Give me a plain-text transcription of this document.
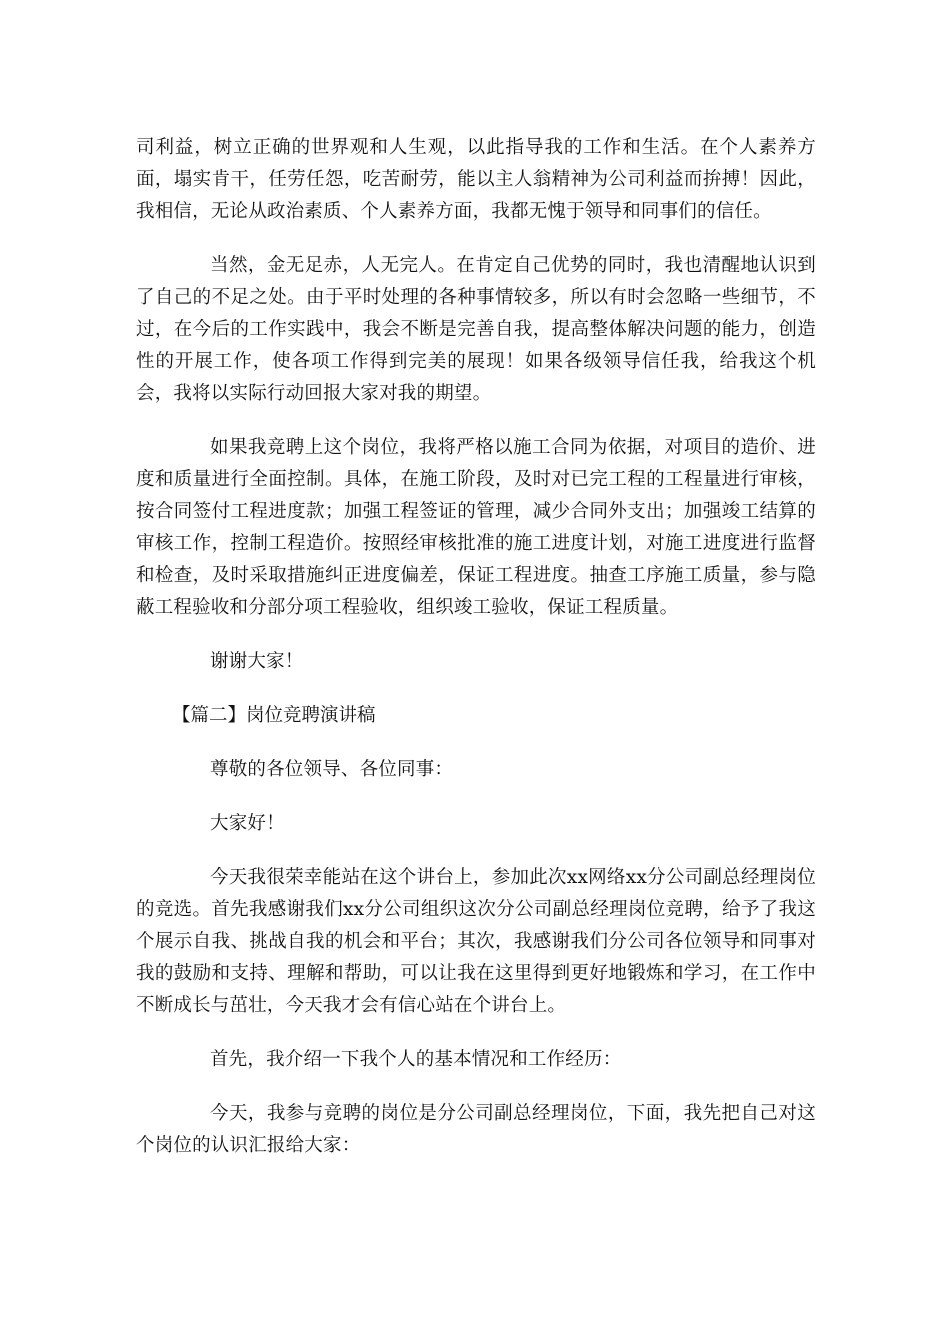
司利益，树立正确的世界观和人生观，以此指导我的工作和生活。在个人素养方面，塌实肯干，任劳任怨，吃苦耐劳，能以主人翁精神为公司利益而拚搏！因此，我相信，无论从政治素质、个人素养方面，我都无愧于领导和同事们的信任。

当然，金无足赤，人无完人。在肯定自己优势的同时，我也清醒地认识到了自己的不足之处。由于平时处理的各种事情较多，所以有时会忽略一些细节，不过，在今后的工作实践中，我会不断是完善自我，提高整体解决问题的能力，创造性的开展工作，使各项工作得到完美的展现！如果各级领导信任我，给我这个机会，我将以实际行动回报大家对我的期望。

如果我竞聘上这个岗位，我将严格以施工合同为依据，对项目的造价、进度和质量进行全面控制。具体，在施工阶段，及时对已完工程的工程量进行审核，按合同签付工程进度款；加强工程签证的管理，减少合同外支出；加强竣工结算的审核工作，控制工程造价。按照经审核批准的施工进度计划，对施工进度进行监督和检查，及时采取措施纠正进度偏差，保证工程进度。抽查工序施工质量，参与隐蔽工程验收和分部分项工程验收，组织竣工验收，保证工程质量。

谢谢大家！

【篇二】岗位竞聘演讲稿

尊敬的各位领导、各位同事：

大家好！

今天我很荣幸能站在这个讲台上，参加此次xx网络xx分公司副总经理岗位的竞选。首先我感谢我们xx分公司组织这次分公司副总经理岗位竞聘，给予了我这个展示自我、挑战自我的机会和平台；其次，我感谢我们分公司各位领导和同事对我的鼓励和支持、理解和帮助，可以让我在这里得到更好地锻炼和学习，在工作中不断成长与茁壮，今天我才会有信心站在个讲台上。

首先，我介绍一下我个人的基本情况和工作经历：

今天，我参与竞聘的岗位是分公司副总经理岗位，下面，我先把自己对这个岗位的认识汇报给大家：
